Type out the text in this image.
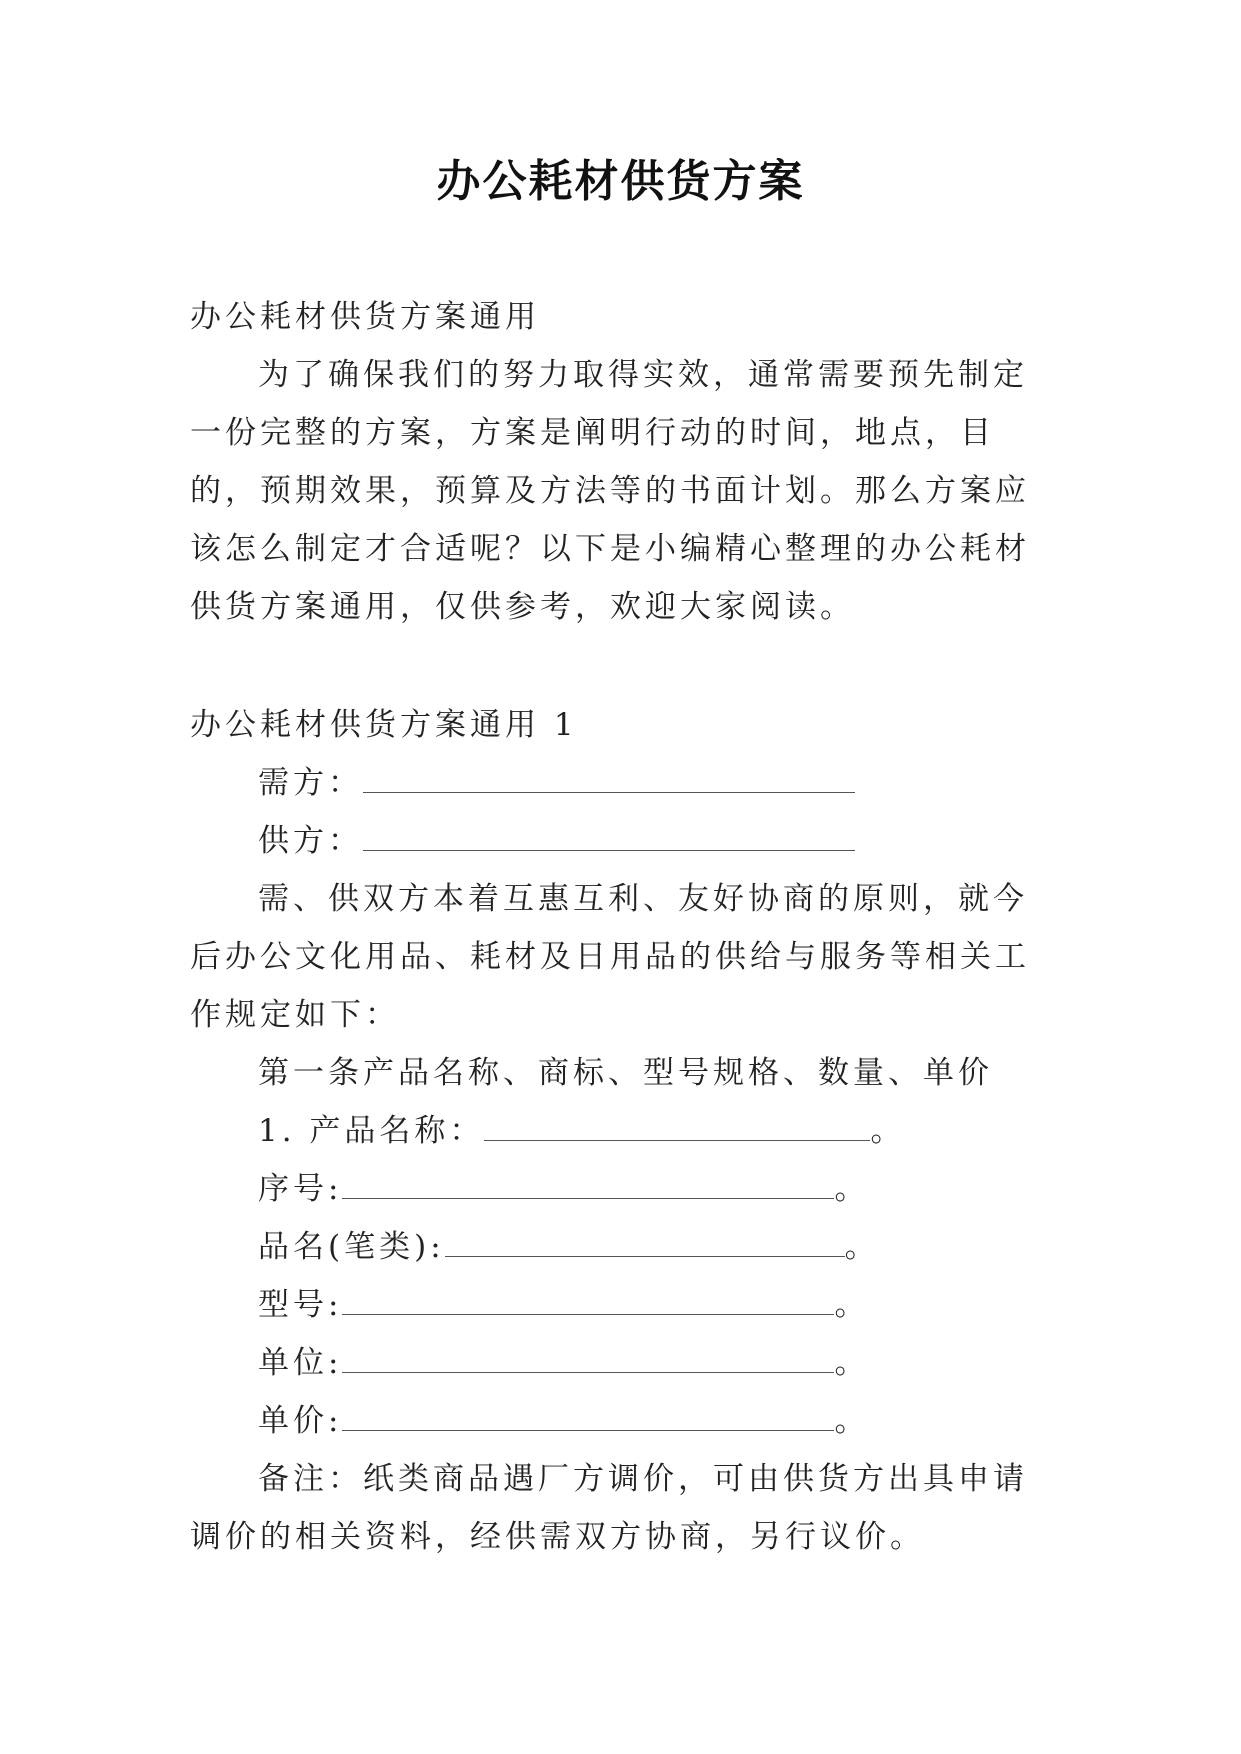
办公耗材供货方案

办公耗材供货方案通用

为了确保我们的努力取得实效，通常需要预先制定一份完整的方案，方案是阐明行动的时间，地点，目的，预期效果，预算及方法等的书面计划。那么方案应该怎么制定才合适呢？以下是小编精心整理的办公耗材供货方案通用，仅供参考，欢迎大家阅读。

办公耗材供货方案通用 1

需方：

供方：

需、供双方本着互惠互利、友好协商的原则，就今后办公文化用品、耗材及日用品的供给与服务等相关工作规定如下：

第一条产品名称、商标、型号规格、数量、单价

1. 产品名称：	。

序号:	。

品名(笔类):	。

型号:	。

单位:	。

单价:	。

备注：纸类商品遇厂方调价，可由供货方出具申请调价的相关资料，经供需双方协商，另行议价。
